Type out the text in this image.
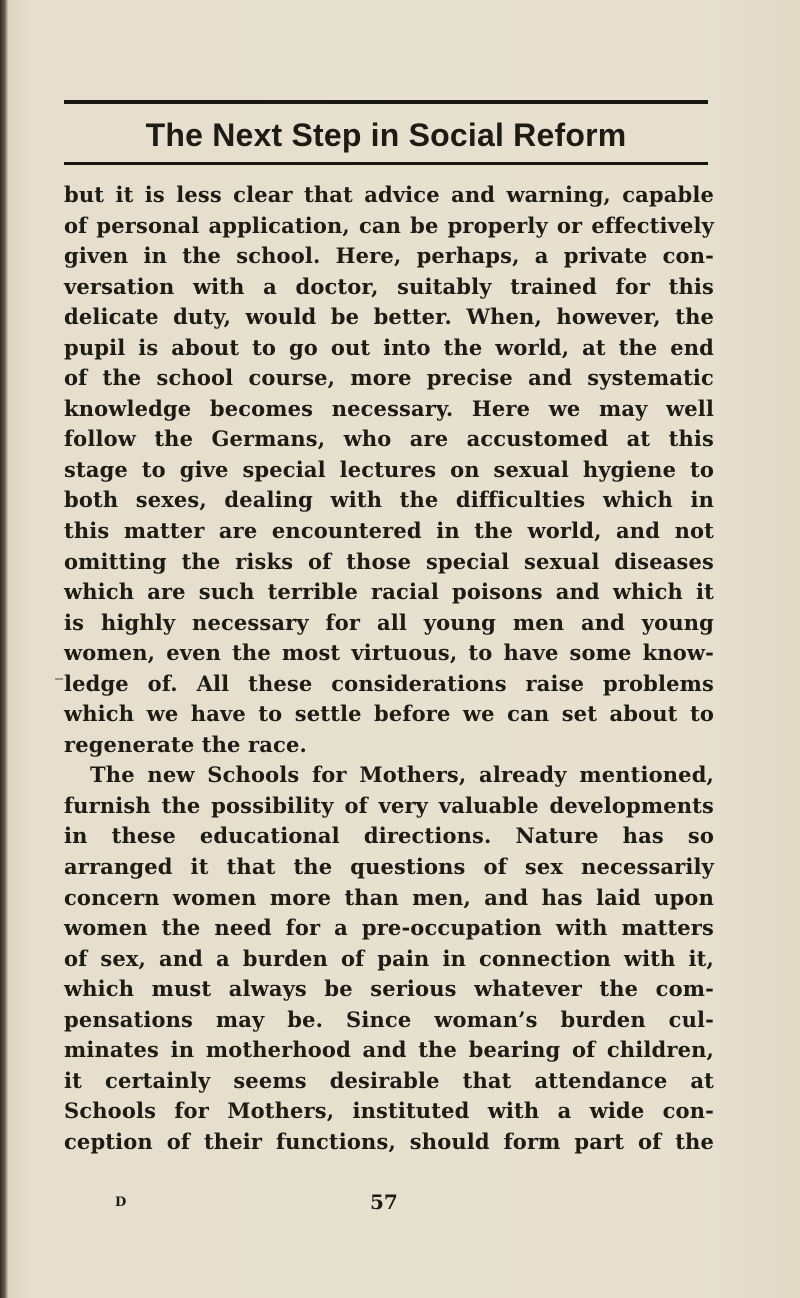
The Next Step in Social Reform
but it is less clear that advice and warning, capable
of personal application, can be properly or effectively
given in the school. Here, perhaps, a private con-
versation with a doctor, suitably trained for this
delicate duty, would be better. When, however, the
pupil is about to go out into the world, at the end
of the school course, more precise and systematic
knowledge becomes necessary. Here we may well
follow the Germans, who are accustomed at this
stage to give special lectures on sexual hygiene to
both sexes, dealing with the difficulties which in
this matter are encountered in the world, and not
omitting the risks of those special sexual diseases
which are such terrible racial poisons and which it
is highly necessary for all young men and young
women, even the most virtuous, to have some know-
ledge of. All these considerations raise problems
which we have to settle before we can set about to
regenerate the race.
The new Schools for Mothers, already mentioned,
furnish the possibility of very valuable developments
in these educational directions. Nature has so
arranged it that the questions of sex necessarily
concern women more than men, and has laid upon
women the need for a pre-occupation with matters
of sex, and a burden of pain in connection with it,
which must always be serious whatever the com-
pensations may be. Since woman’s burden cul-
minates in motherhood and the bearing of children,
it certainly seems desirable that attendance at
Schools for Mothers, instituted with a wide con-
ception of their functions, should form part of the
D	57
